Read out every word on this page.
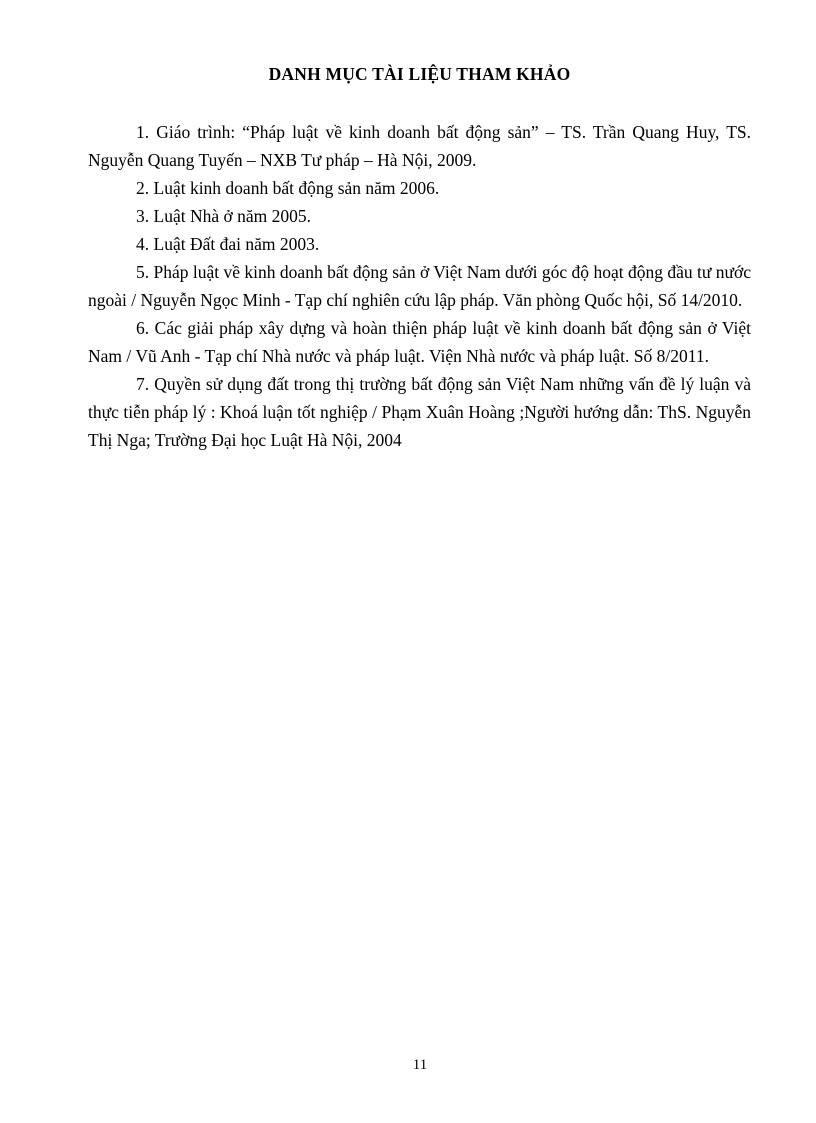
DANH MỤC TÀI LIỆU THAM KHẢO
1. Giáo trình: “Pháp luật về kinh doanh bất động sản” – TS. Trần Quang Huy, TS. Nguyễn Quang Tuyến – NXB Tư pháp – Hà Nội, 2009.
2. Luật kinh doanh bất động sản năm 2006.
3. Luật Nhà ở năm 2005.
4. Luật Đất đai năm 2003.
5. Pháp luật về kinh doanh bất động sản ở Việt Nam dưới góc độ hoạt động đầu tư nước ngoài / Nguyễn Ngọc Minh - Tạp chí nghiên cứu lập pháp. Văn phòng Quốc hội, Số 14/2010.
6. Các giải pháp xây dựng và hoàn thiện pháp luật về kinh doanh bất động sản ở Việt Nam / Vũ Anh - Tạp chí Nhà nước và pháp luật. Viện Nhà nước và pháp luật. Số 8/2011.
7. Quyền sử dụng đất trong thị trường bất động sản Việt Nam những vấn đề lý luận và thực tiễn pháp lý : Khoá luận tốt nghiệp / Phạm Xuân Hoàng ;Người hướng dẫn: ThS. Nguyễn Thị Nga; Trường Đại học Luật Hà Nội, 2004

11
